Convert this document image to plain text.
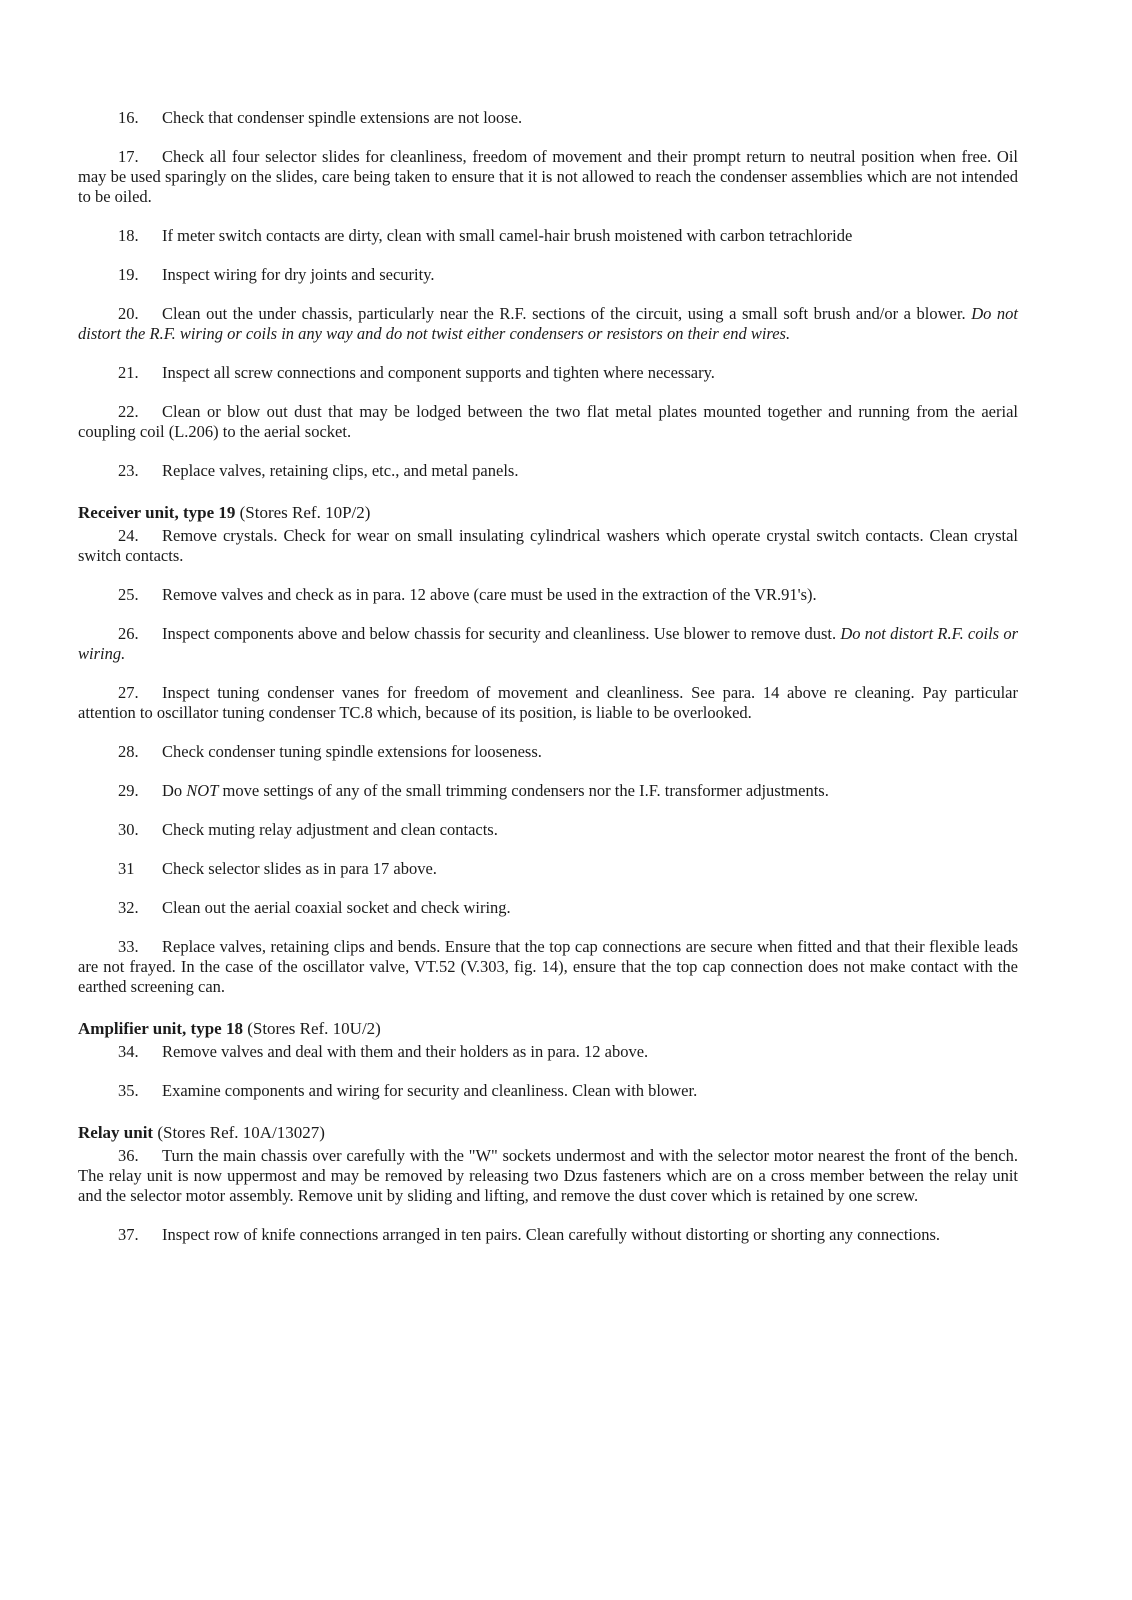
16. Check that condenser spindle extensions are not loose.

17. Check all four selector slides for cleanliness, freedom of movement and their prompt return to neutral position when free. Oil may be used sparingly on the slides, care being taken to ensure that it is not allowed to reach the condenser assemblies which are not intended to be oiled.

18. If meter switch contacts are dirty, clean with small camel-hair brush moistened with carbon tetrachloride

19. Inspect wiring for dry joints and security.

20. Clean out the under chassis, particularly near the R.F. sections of the circuit, using a small soft brush and/or a blower. Do not distort the R.F. wiring or coils in any way and do not twist either condensers or resistors on their end wires.

21. Inspect all screw connections and component supports and tighten where necessary.

22. Clean or blow out dust that may be lodged between the two flat metal plates mounted together and running from the aerial coupling coil (L.206) to the aerial socket.

23. Replace valves, retaining clips, etc., and metal panels.

Receiver unit, type 19 (Stores Ref. 10P/2)

24. Remove crystals. Check for wear on small insulating cylindrical washers which operate crystal switch contacts. Clean crystal switch contacts.

25. Remove valves and check as in para. 12 above (care must be used in the extraction of the VR.91's).

26. Inspect components above and below chassis for security and cleanliness. Use blower to remove dust. Do not distort R.F. coils or wiring.

27. Inspect tuning condenser vanes for freedom of movement and cleanliness. See para. 14 above re cleaning. Pay particular attention to oscillator tuning condenser TC.8 which, because of its position, is liable to be overlooked.

28. Check condenser tuning spindle extensions for looseness.

29. Do NOT move settings of any of the small trimming condensers nor the I.F. transformer adjustments.

30. Check muting relay adjustment and clean contacts.

31 Check selector slides as in para 17 above.

32. Clean out the aerial coaxial socket and check wiring.

33. Replace valves, retaining clips and bends. Ensure that the top cap connections are secure when fitted and that their flexible leads are not frayed. In the case of the oscillator valve, VT.52 (V.303, fig. 14), ensure that the top cap connection does not make contact with the earthed screening can.

Amplifier unit, type 18 (Stores Ref. 10U/2)

34. Remove valves and deal with them and their holders as in para. 12 above.

35. Examine components and wiring for security and cleanliness. Clean with blower.

Relay unit (Stores Ref. 10A/13027)

36. Turn the main chassis over carefully with the "W" sockets undermost and with the selector motor nearest the front of the bench. The relay unit is now uppermost and may be removed by releasing two Dzus fasteners which are on a cross member between the relay unit and the selector motor assembly. Remove unit by sliding and lifting, and remove the dust cover which is retained by one screw.

37. Inspect row of knife connections arranged in ten pairs. Clean carefully without distorting or shorting any connections.
